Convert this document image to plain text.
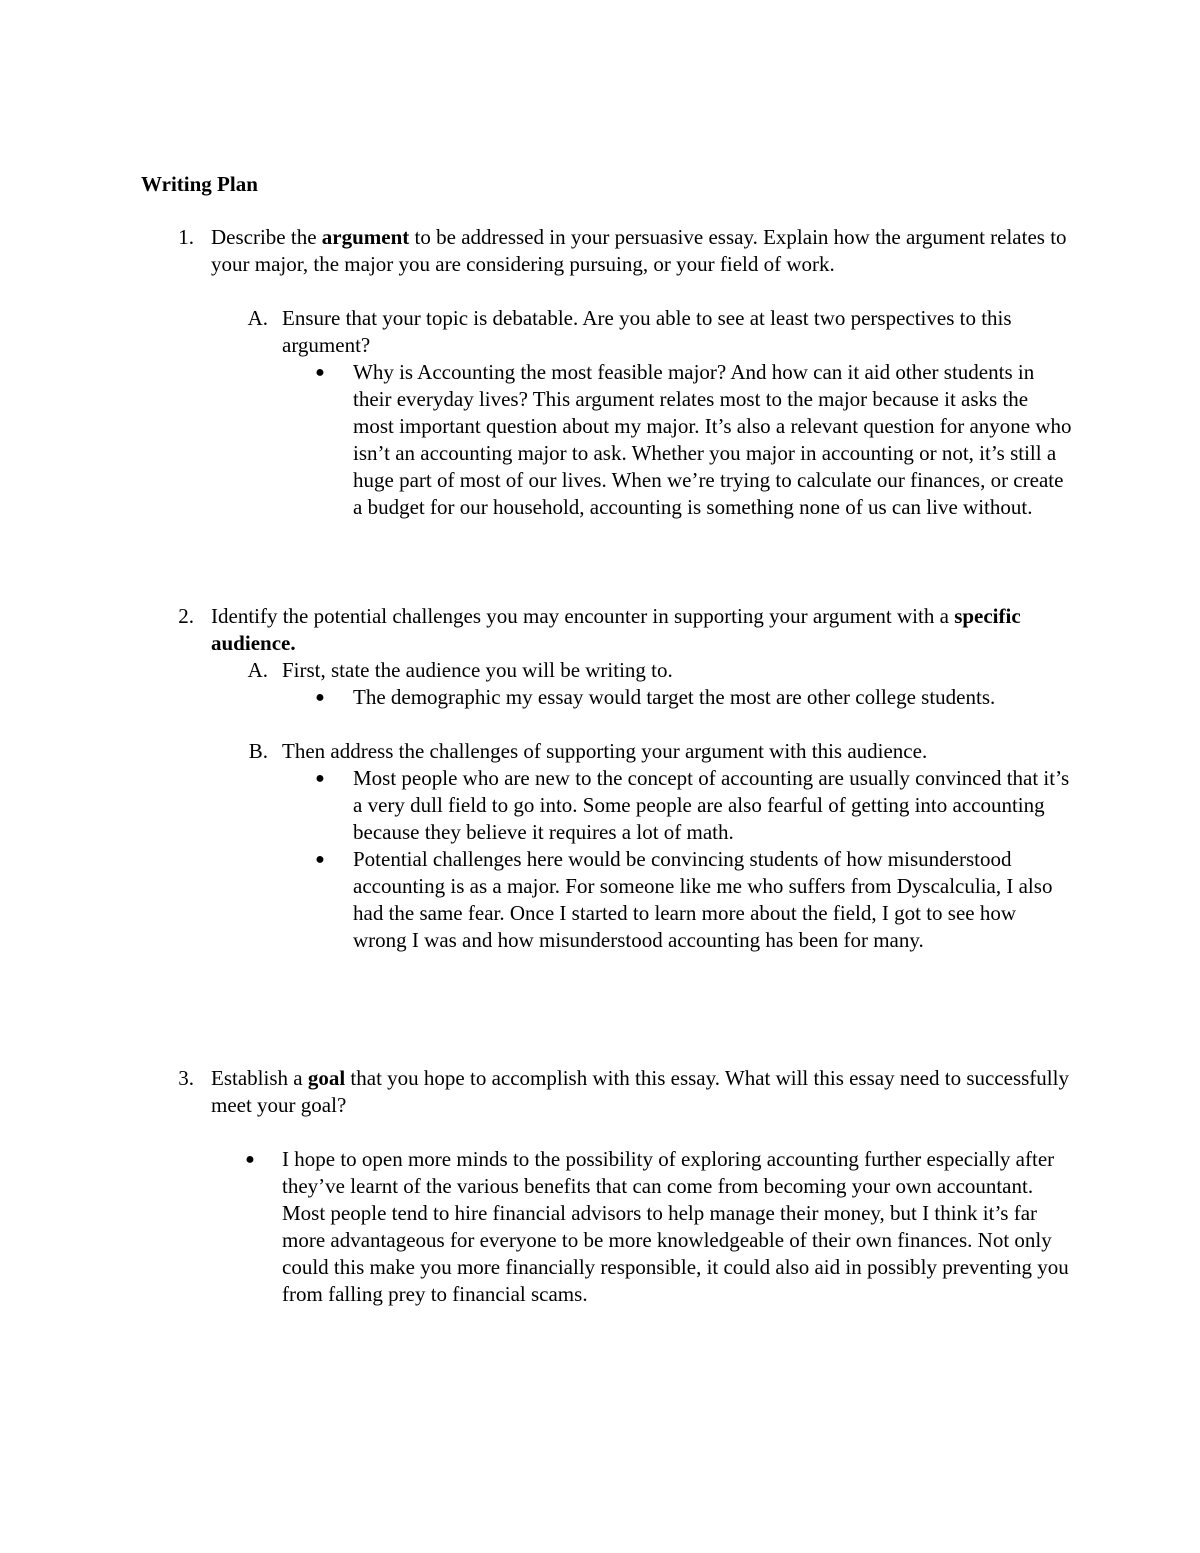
Writing Plan
1. Describe the argument to be addressed in your persuasive essay. Explain how the argument relates to your major, the major you are considering pursuing, or your field of work.
A. Ensure that your topic is debatable. Are you able to see at least two perspectives to this argument?
● Why is Accounting the most feasible major? And how can it aid other students in their everyday lives? This argument relates most to the major because it asks the most important question about my major. It’s also a relevant question for anyone who isn’t an accounting major to ask. Whether you major in accounting or not, it’s still a huge part of most of our lives. When we’re trying to calculate our finances, or create a budget for our household, accounting is something none of us can live without.
2. Identify the potential challenges you may encounter in supporting your argument with a specific audience.
A. First, state the audience you will be writing to.
● The demographic my essay would target the most are other college students.
B. Then address the challenges of supporting your argument with this audience.
● Most people who are new to the concept of accounting are usually convinced that it’s a very dull field to go into. Some people are also fearful of getting into accounting because they believe it requires a lot of math.
● Potential challenges here would be convincing students of how misunderstood accounting is as a major. For someone like me who suffers from Dyscalculia, I also had the same fear. Once I started to learn more about the field, I got to see how wrong I was and how misunderstood accounting has been for many.
3. Establish a goal that you hope to accomplish with this essay. What will this essay need to successfully meet your goal?
● I hope to open more minds to the possibility of exploring accounting further especially after they’ve learnt of the various benefits that can come from becoming your own accountant. Most people tend to hire financial advisors to help manage their money, but I think it’s far more advantageous for everyone to be more knowledgeable of their own finances. Not only could this make you more financially responsible, it could also aid in possibly preventing you from falling prey to financial scams.
